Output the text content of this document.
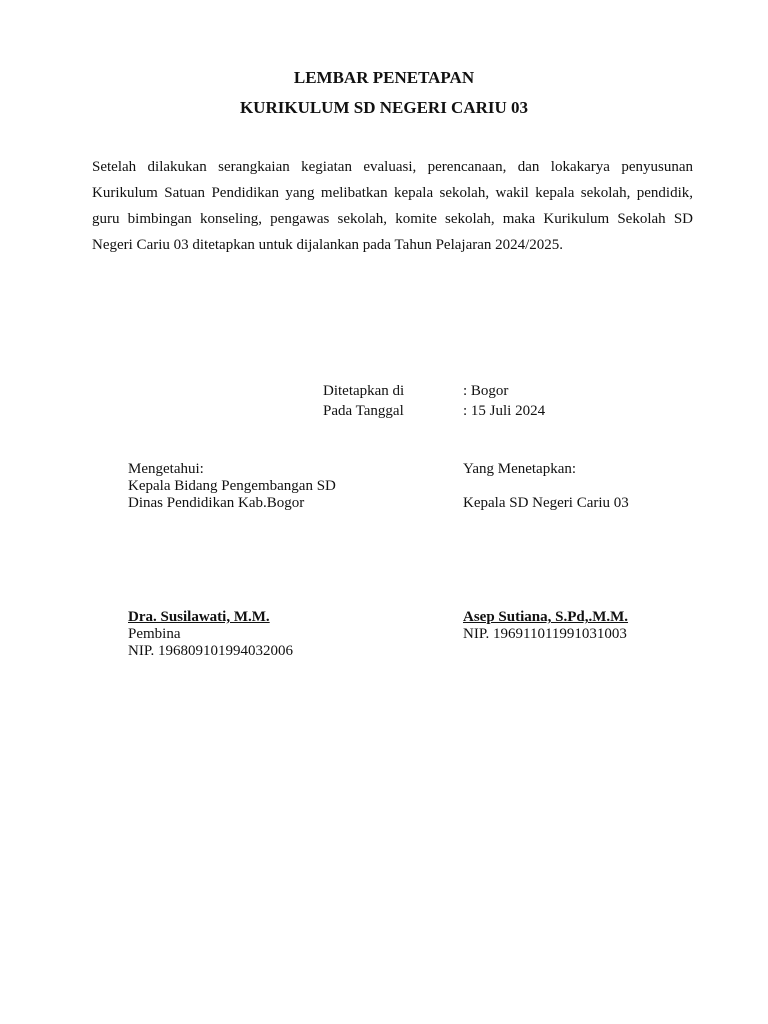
LEMBAR PENETAPAN
KURIKULUM SD NEGERI CARIU 03

Setelah dilakukan serangkaian kegiatan evaluasi, perencanaan, dan lokakarya penyusunan Kurikulum Satuan Pendidikan yang melibatkan kepala sekolah, wakil kepala sekolah, pendidik, guru bimbingan konseling, pengawas sekolah, komite sekolah, maka Kurikulum Sekolah SD Negeri Cariu 03 ditetapkan untuk dijalankan pada Tahun Pelajaran 2024/2025.

Ditetapkan di	: Bogor
Pada Tanggal	: 15 Juli 2024
Mengetahui:
Kepala Bidang Pengembangan SD
Dinas Pendidikan Kab.Bogor
Dra. Susilawati, M.M.
Pembina
NIP. 196809101994032006
Yang Menetapkan:
Kepala SD Negeri Cariu 03
Asep Sutiana, S.Pd,.M.M.
NIP. 196911011991031003
